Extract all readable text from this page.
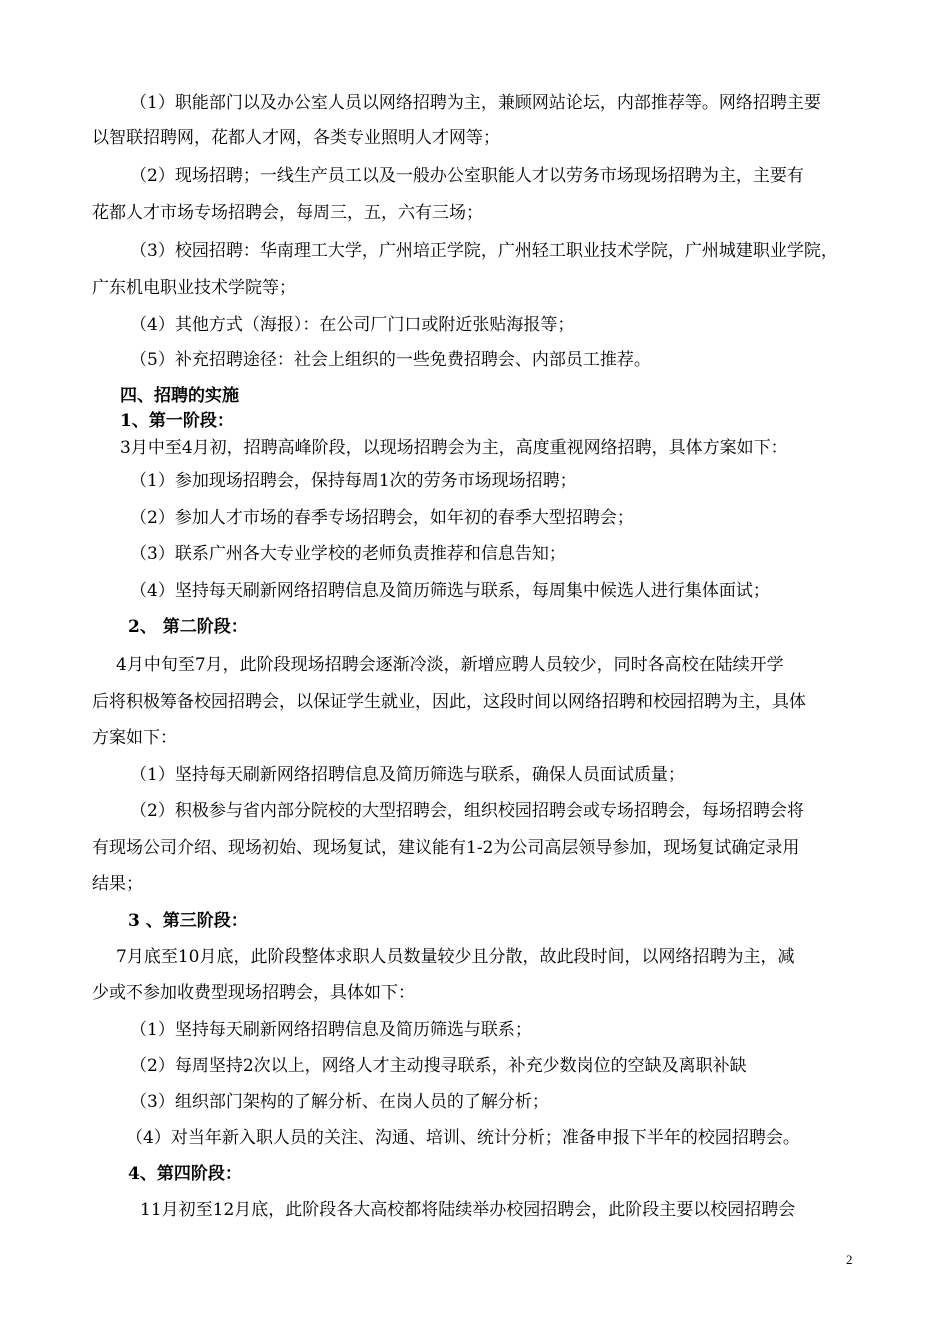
（1）职能部门以及办公室人员以网络招聘为主，兼顾网站论坛，内部推荐等。网络招聘主要
以智联招聘网，花都人才网，各类专业照明人才网等；
（2）现场招聘；一线生产员工以及一般办公室职能人才以劳务市场现场招聘为主，主要有
花都人才市场专场招聘会，每周三，五，六有三场；
（3）校园招聘：华南理工大学，广州培正学院，广州轻工职业技术学院，广州城建职业学院，
广东机电职业技术学院等；
（4）其他方式（海报）：在公司厂门口或附近张贴海报等；
（5）补充招聘途径：社会上组织的一些免费招聘会、内部员工推荐。
四、招聘的实施
1、第一阶段：
3月中至4月初，招聘高峰阶段，以现场招聘会为主，高度重视网络招聘，具体方案如下：
（1）参加现场招聘会，保持每周1次的劳务市场现场招聘；
（2）参加人才市场的春季专场招聘会，如年初的春季大型招聘会；
（3）联系广州各大专业学校的老师负责推荐和信息告知；
（4）坚持每天刷新网络招聘信息及简历筛选与联系，每周集中候选人进行集体面试；
2、 第二阶段：
4月中旬至7月，此阶段现场招聘会逐渐冷淡，新增应聘人员较少，同时各高校在陆续开学
后将积极筹备校园招聘会，以保证学生就业，因此，这段时间以网络招聘和校园招聘为主，具体
方案如下：
（1）坚持每天刷新网络招聘信息及简历筛选与联系，确保人员面试质量；
（2）积极参与省内部分院校的大型招聘会，组织校园招聘会或专场招聘会，每场招聘会将
有现场公司介绍、现场初始、现场复试，建议能有1-2为公司高层领导参加，现场复试确定录用
结果；
3 、第三阶段：
7月底至10月底，此阶段整体求职人员数量较少且分散，故此段时间，以网络招聘为主，减
少或不参加收费型现场招聘会，具体如下：
（1）坚持每天刷新网络招聘信息及简历筛选与联系；
（2）每周坚持2次以上，网络人才主动搜寻联系，补充少数岗位的空缺及离职补缺
（3）组织部门架构的了解分析、在岗人员的了解分析；
（4）对当年新入职人员的关注、沟通、培训、统计分析；准备申报下半年的校园招聘会。
4、第四阶段：
11月初至12月底，此阶段各大高校都将陆续举办校园招聘会，此阶段主要以校园招聘会
2
